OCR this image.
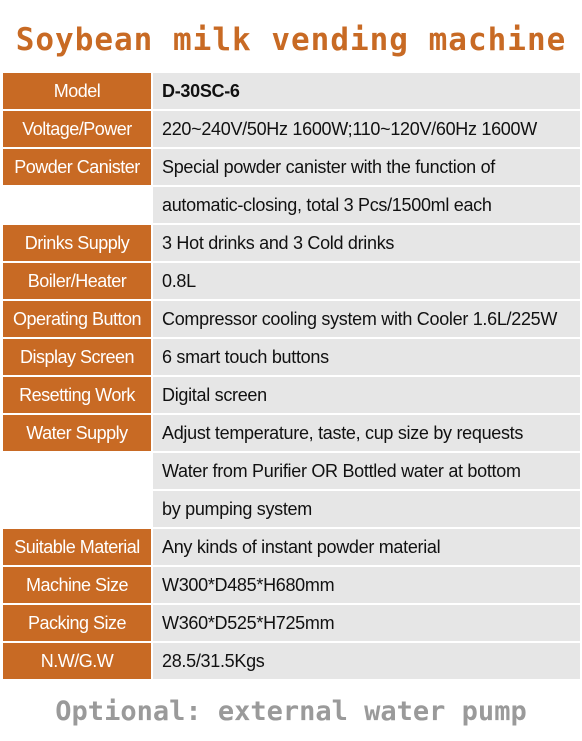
Soybean milk vending machine
Model	D-30SC-6
Voltage/Power	220~240V/50Hz 1600W;110~120V/60Hz 1600W
Powder Canister	Special powder canister with the function of
automatic-closing, total 3 Pcs/1500ml each
Drinks Supply	3 Hot drinks and 3 Cold drinks
Boiler/Heater	0.8L
Operating Button	Compressor cooling system with Cooler 1.6L/225W
Display Screen	6 smart touch buttons
Resetting Work	Digital screen
Water Supply	Adjust temperature, taste, cup size by requests
Water from Purifier OR Bottled water at bottom
by pumping system
Suitable Material	Any kinds of instant powder material
Machine Size	W300*D485*H680mm
Packing Size	W360*D525*H725mm
N.W/G.W	28.5/31.5Kgs
Optional: external water pump
